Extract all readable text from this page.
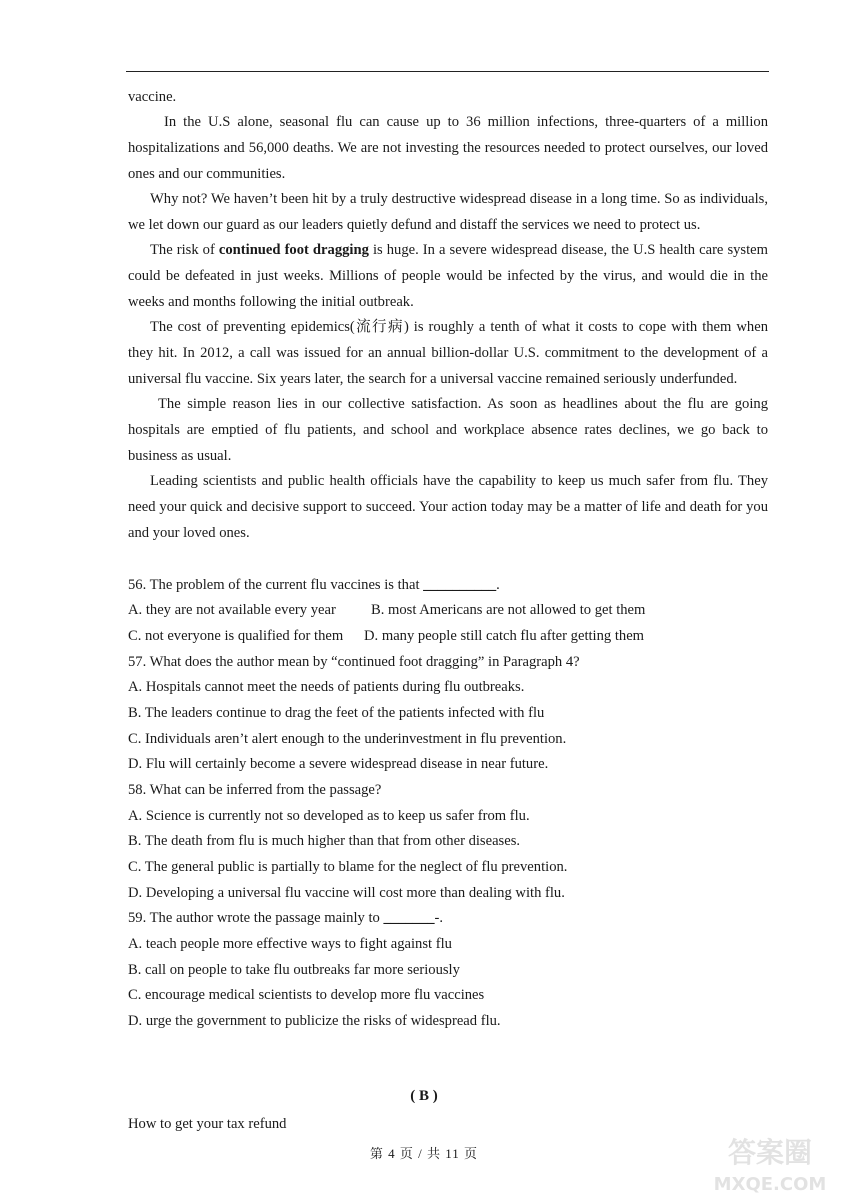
vaccine.

In the U.S alone, seasonal flu can cause up to 36 million infections, three-quarters of a million hospitalizations and 56,000 deaths. We are not investing the resources needed to protect ourselves, our loved ones and our communities.

Why not? We haven’t been hit by a truly destructive widespread disease in a long time. So as individuals, we let down our guard as our leaders quietly defund and distaff the services we need to protect us.

The risk of continued foot dragging is huge. In a severe widespread disease, the U.S health care system could be defeated in just weeks. Millions of people would be infected by the virus, and would die in the weeks and months following the initial outbreak.

The cost of preventing epidemics(流行病) is roughly a tenth of what it costs to cope with them when they hit. In 2012, a call was issued for an annual billion-dollar U.S. commitment to the development of a universal flu vaccine. Six years later, the search for a universal vaccine remained seriously underfunded.

The simple reason lies in our collective satisfaction. As soon as headlines about the flu are going hospitals are emptied of flu patients, and school and workplace absence rates declines, we go back to business as usual.

Leading scientists and public health officials have the capability to keep us much safer from flu. They need your quick and decisive support to succeed. Your action today may be a matter of life and death for you and your loved ones.

56. The problem of the current flu vaccines is that __________.
A. they are not available every year B. most Americans are not allowed to get them
C. not everyone is qualified for them D. many people still catch flu after getting them
57. What does the author mean by “continued foot dragging” in Paragraph 4?
A. Hospitals cannot meet the needs of patients during flu outbreaks.
B. The leaders continue to drag the feet of the patients infected with flu
C. Individuals aren’t alert enough to the underinvestment in flu prevention.
D. Flu will certainly become a severe widespread disease in near future.
58. What can be inferred from the passage?
A. Science is currently not so developed as to keep us safer from flu.
B. The death from flu is much higher than that from other diseases.
C. The general public is partially to blame for the neglect of flu prevention.
D. Developing a universal flu vaccine will cost more than dealing with flu.
59. The author wrote the passage mainly to _______-.
A. teach people more effective ways to fight against flu
B. call on people to take flu outbreaks far more seriously
C. encourage medical scientists to develop more flu vaccines
D. urge the government to publicize the risks of widespread flu.
( B )
How to get your tax refund
第 4 页 / 共 11 页	答案圈
MXQE.COM
